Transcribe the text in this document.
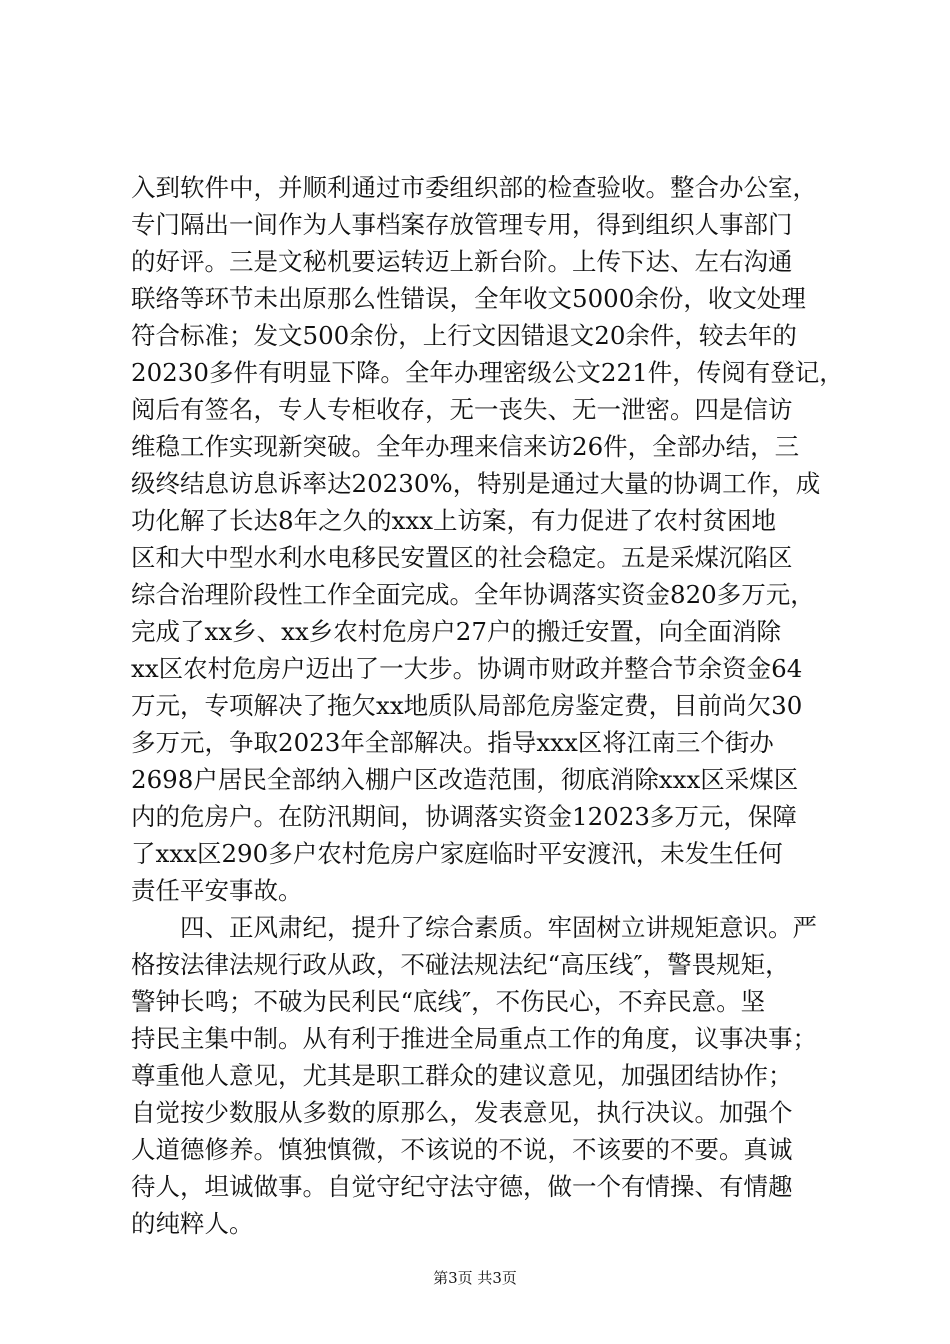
入到软件中，并顺利通过市委组织部的检查验收。整合办公室，
专门隔出一间作为人事档案存放管理专用，得到组织人事部门
的好评。三是文秘机要运转迈上新台阶。上传下达、左右沟通
联络等环节未出原那么性错误，全年收文5000余份，收文处理
符合标准；发文500余份，上行文因错退文20余件，较去年的
20230多件有明显下降。全年办理密级公文221件，传阅有登记，
阅后有签名，专人专柜收存，无一丧失、无一泄密。四是信访
维稳工作实现新突破。全年办理来信来访26件，全部办结，三
级终结息访息诉率达20230%，特别是通过大量的协调工作，成
功化解了长达8年之久的xxx上访案，有力促进了农村贫困地
区和大中型水利水电移民安置区的社会稳定。五是采煤沉陷区
综合治理阶段性工作全面完成。全年协调落实资金820多万元，
完成了xx乡、xx乡农村危房户27户的搬迁安置，向全面消除
xx区农村危房户迈出了一大步。协调市财政并整合节余资金64
万元，专项解决了拖欠xx地质队局部危房鉴定费，目前尚欠30
多万元，争取2023年全部解决。指导xxx区将江南三个街办
2698户居民全部纳入棚户区改造范围，彻底消除xxx区采煤区
内的危房户。在防汛期间，协调落实资金12023多万元，保障
了xxx区290多户农村危房户家庭临时平安渡汛，未发生任何
责任平安事故。
　　四、正风肃纪，提升了综合素质。牢固树立讲规矩意识。严
格按法律法规行政从政，不碰法规法纪“高压线″，警畏规矩，
警钟长鸣；不破为民利民“底线″，不伤民心，不弃民意。坚
持民主集中制。从有利于推进全局重点工作的角度，议事决事；
尊重他人意见，尤其是职工群众的建议意见，加强团结协作；
自觉按少数服从多数的原那么，发表意见，执行决议。加强个
人道德修养。慎独慎微，不该说的不说，不该要的不要。真诚
待人，坦诚做事。自觉守纪守法守德，做一个有情操、有情趣
的纯粹人。
第3页 共3页
